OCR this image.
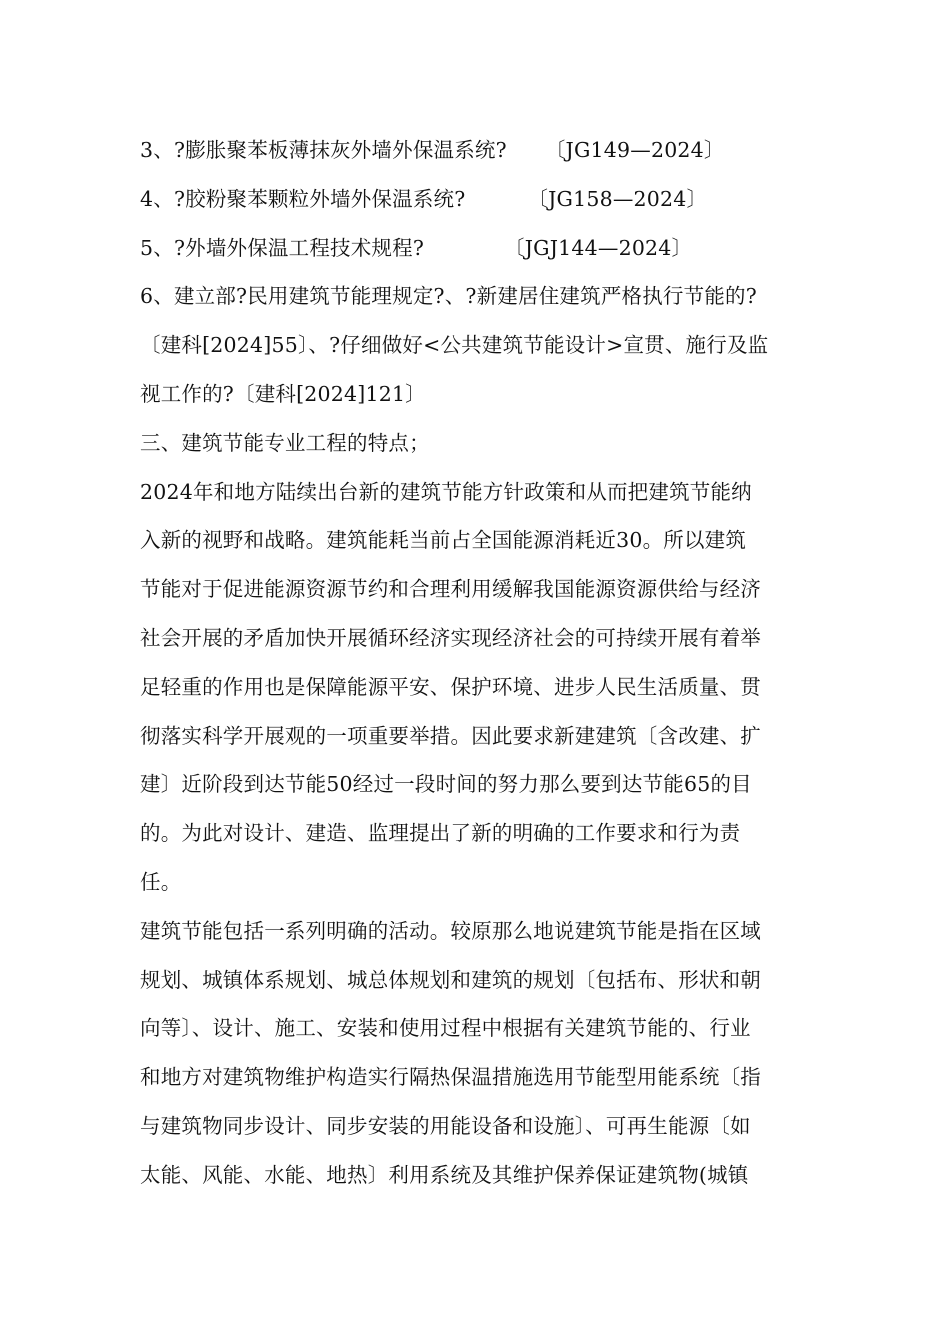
3、?膨胀聚苯板薄抹灰外墙外保温系统? 〔JG149—2024〕
4、?胶粉聚苯颗粒外墙外保温系统?	〔JG158—2024〕
5、?外墙外保温工程技术规程?	〔JGJ144—2024〕
6、建立部?民用建筑节能理规定?、?新建居住建筑严格执行节能的?
〔建科[2024]55〕、?仔细做好<公共建筑节能设计>宣贯、施行及监
视工作的?〔建科[2024]121〕
三、建筑节能专业工程的特点；
2024年和地方陆续出台新的建筑节能方针政策和从而把建筑节能纳
入新的视野和战略。建筑能耗当前占全国能源消耗近30。所以建筑
节能对于促进能源资源节约和合理利用缓解我国能源资源供给与经济
社会开展的矛盾加快开展循环经济实现经济社会的可持续开展有着举
足轻重的作用也是保障能源平安、保护环境、进步人民生活质量、贯
彻落实科学开展观的一项重要举措。因此要求新建建筑〔含改建、扩
建〕近阶段到达节能50经过一段时间的努力那么要到达节能65的目
的。为此对设计、建造、监理提出了新的明确的工作要求和行为责
任。
建筑节能包括一系列明确的活动。较原那么地说建筑节能是指在区域
规划、城镇体系规划、城总体规划和建筑的规划〔包括布、形状和朝
向等〕、设计、施工、安装和使用过程中根据有关建筑节能的、行业
和地方对建筑物维护构造实行隔热保温措施选用节能型用能系统〔指
与建筑物同步设计、同步安装的用能设备和设施〕、可再生能源〔如
太能、风能、水能、地热〕利用系统及其维护保养保证建筑物(城镇
